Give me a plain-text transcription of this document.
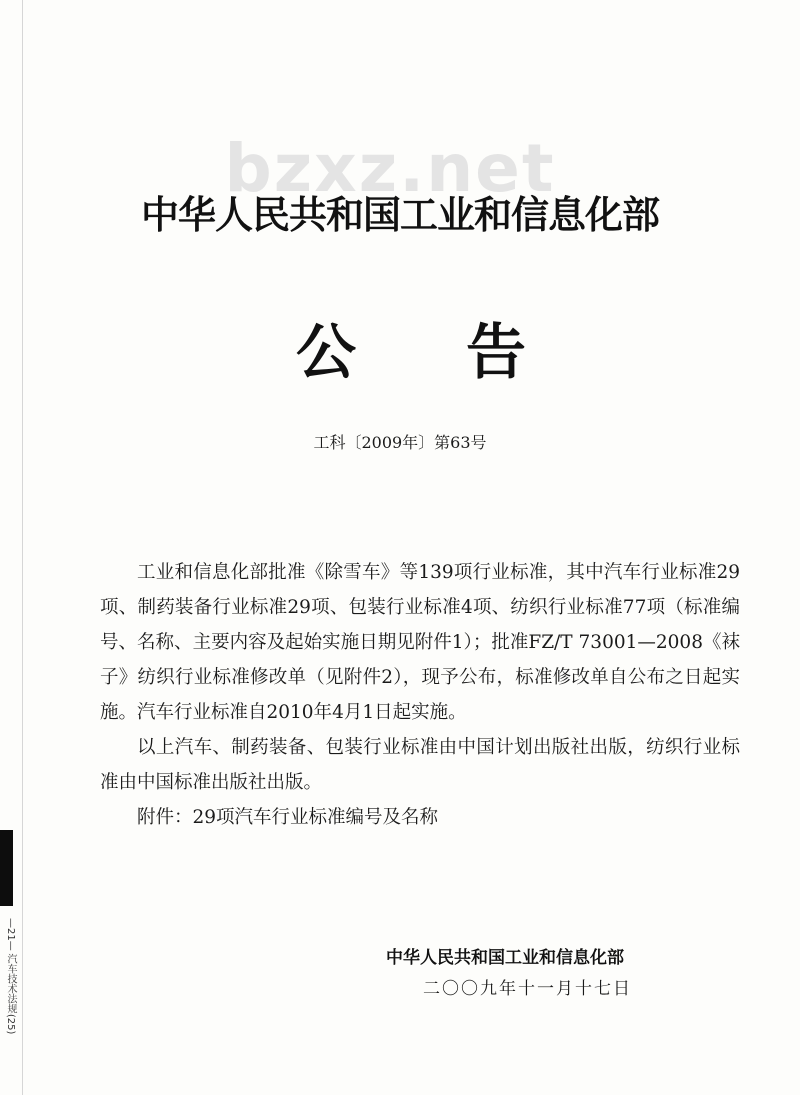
—21— 汽车技术法规(25)
bzxz.net
中华人民共和国工业和信息化部
公 告
工科〔2009年〕第63号

工业和信息化部批准《除雪车》等139项行业标准，其中汽车行业标准29项、制药装备行业标准29项、包装行业标准4项、纺织行业标准77项（标准编号、名称、主要内容及起始实施日期见附件1）；批准FZ/T 73001—2008《袜子》纺织行业标准修改单（见附件2），现予公布，标准修改单自公布之日起实施。汽车行业标准自2010年4月1日起实施。

以上汽车、制药装备、包装行业标准由中国计划出版社出版，纺织行业标准由中国标准出版社出版。

附件：29项汽车行业标准编号及名称

中华人民共和国工业和信息化部
二〇〇九年十一月十七日
